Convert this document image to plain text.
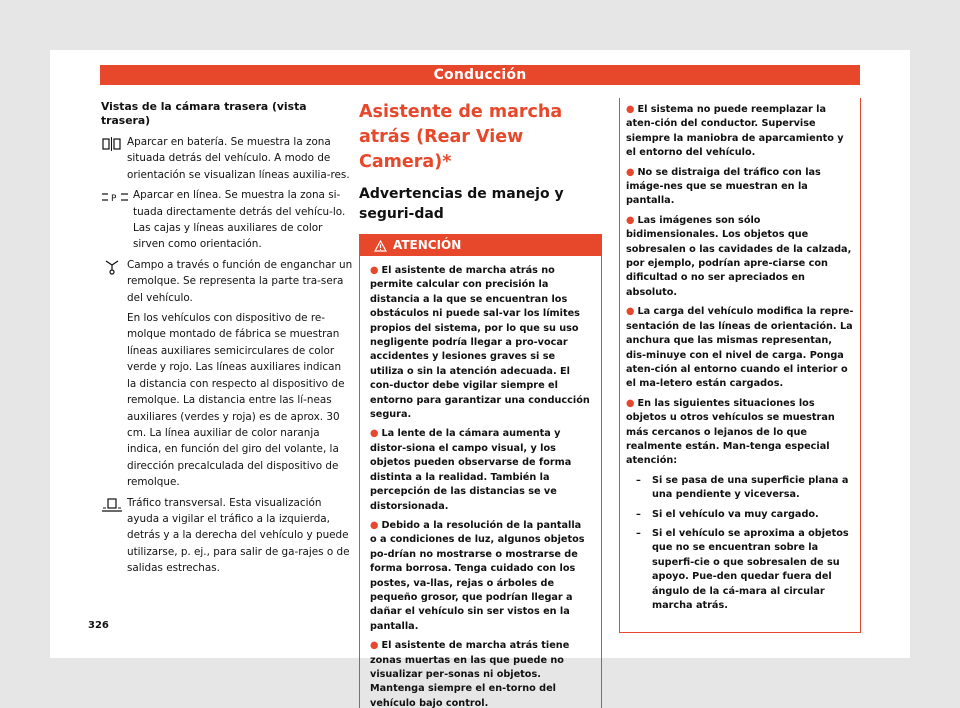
Conducción
Vistas de la cámara trasera (vista trasera)
Aparcar en batería. Se muestra la zona situada detrás del vehículo. A modo de orientación se visualizan líneas auxilia-res.
P Aparcar en línea. Se muestra la zona si-tuada directamente detrás del vehícu-lo. Las cajas y líneas auxiliares de color sirven como orientación.
Campo a través o función de enganchar un remolque. Se representa la parte tra-sera del vehículo.

En los vehículos con dispositivo de re-molque montado de fábrica se muestran líneas auxiliares semicirculares de color verde y rojo. Las líneas auxiliares indican la distancia con respecto al dispositivo de remolque. La distancia entre las lí-neas auxiliares (verdes y roja) es de aprox. 30 cm. La línea auxiliar de color naranja indica, en función del giro del volante, la dirección precalculada del dispositivo de remolque.

Tráfico transversal. Esta visualización ayuda a vigilar el tráfico a la izquierda, detrás y a la derecha del vehículo y puede utilizarse, p. ej., para salir de ga-rajes o de salidas estrechas.
Asistente de marcha atrás (Rear View Camera)*
Advertencias de manejo y seguri-dad
ATENCIÓN

● El asistente de marcha atrás no permite calcular con precisión la distancia a la que se encuentran los obstáculos ni puede sal-var los límites propios del sistema, por lo que su uso negligente podría llegar a pro-vocar accidentes y lesiones graves si se utiliza o sin la atención adecuada. El con-ductor debe vigilar siempre el entorno para garantizar una conducción segura.

● La lente de la cámara aumenta y distor-siona el campo visual, y los objetos pueden observarse de forma distinta a la realidad. También la percepción de las distancias se ve distorsionada.

● Debido a la resolución de la pantalla o a condiciones de luz, algunos objetos po-drían no mostrarse o mostrarse de forma borrosa. Tenga cuidado con los postes, va-llas, rejas o árboles de pequeño grosor, que podrían llegar a dañar el vehículo sin ser vistos en la pantalla.

● El asistente de marcha atrás tiene zonas muertas en las que puede no visualizar per-sonas ni objetos. Mantenga siempre el en-torno del vehículo bajo control.

● El sistema no puede reemplazar la aten-ción del conductor. Supervise siempre la maniobra de aparcamiento y el entorno del vehículo.

● No se distraiga del tráfico con las imáge-nes que se muestran en la pantalla.

● Las imágenes son sólo bidimensionales. Los objetos que sobresalen o las cavidades de la calzada, por ejemplo, podrían apre-ciarse con dificultad o no ser apreciados en absoluto.

● La carga del vehículo modifica la repre-sentación de las líneas de orientación. La anchura que las mismas representan, dis-minuye con el nivel de carga. Ponga aten-ción al entorno cuando el interior o el ma-letero están cargados.

● En las siguientes situaciones los objetos u otros vehículos se muestran más cercanos o lejanos de lo que realmente están. Man-tenga especial atención:

– Si se pasa de una superficie plana a una pendiente y viceversa.

– Si el vehículo va muy cargado.

– Si el vehículo se aproxima a objetos que no se encuentran sobre la superfi-cie o que sobresalen de su apoyo. Pue-den quedar fuera del ángulo de la cá-mara al circular marcha atrás.

326
